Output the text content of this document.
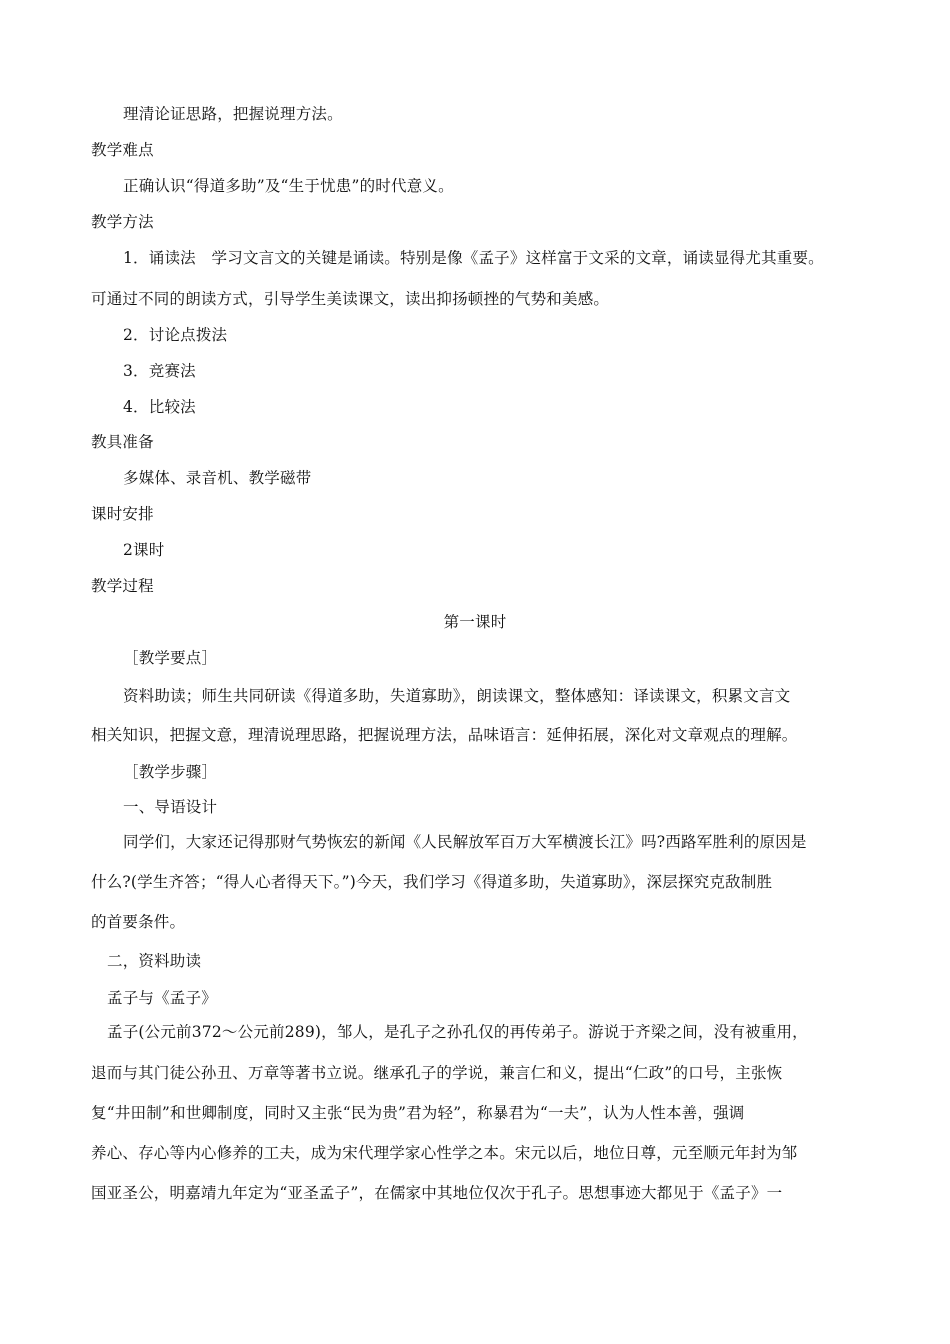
理清论证思路，把握说理方法。
教学难点
正确认识“得道多助”及“生于忧患”的时代意义。
教学方法
1．诵读法　学习文言文的关键是诵读。特别是像《孟子》这样富于文采的文章，诵读显得尤其重要。
可通过不同的朗读方式，引导学生美读课文，读出抑扬顿挫的气势和美感。
2．讨论点拨法
3．竞赛法
4．比较法
教具准备
多媒体、录音机、教学磁带
课时安排
2课时
教学过程
第一课时
［教学要点］
资料助读；师生共同研读《得道多助，失道寡助》，朗读课文，整体感知：译读课文，积累文言文
相关知识，把握文意，理清说理思路，把握说理方法，品味语言：延伸拓展，深化对文章观点的理解。
［教学步骤］
一、导语设计
同学们，大家还记得那财气势恢宏的新闻《人民解放军百万大军横渡长江》吗?西路军胜利的原因是
什么?(学生齐答；“得人心者得天下。”)今天，我们学习《得道多助，失道寡助》，深层探究克敌制胜
的首要条件。
二，资料助读
孟子与《孟子》
孟子(公元前372～公元前289)，邹人，是孔子之孙孔仅的再传弟子。游说于齐梁之间，没有被重用，
退而与其门徒公孙丑、万章等著书立说。继承孔子的学说，兼言仁和义，提出“仁政”的口号，主张恢
复“井田制”和世卿制度，同时又主张“民为贵”君为轻”，称暴君为“一夫”，认为人性本善，强调
养心、存心等内心修养的工夫，成为宋代理学家心性学之本。宋元以后，地位日尊，元至顺元年封为邹
国亚圣公，明嘉靖九年定为“亚圣孟子”，在儒家中其地位仅次于孔子。思想事迹大都见于《孟子》一
